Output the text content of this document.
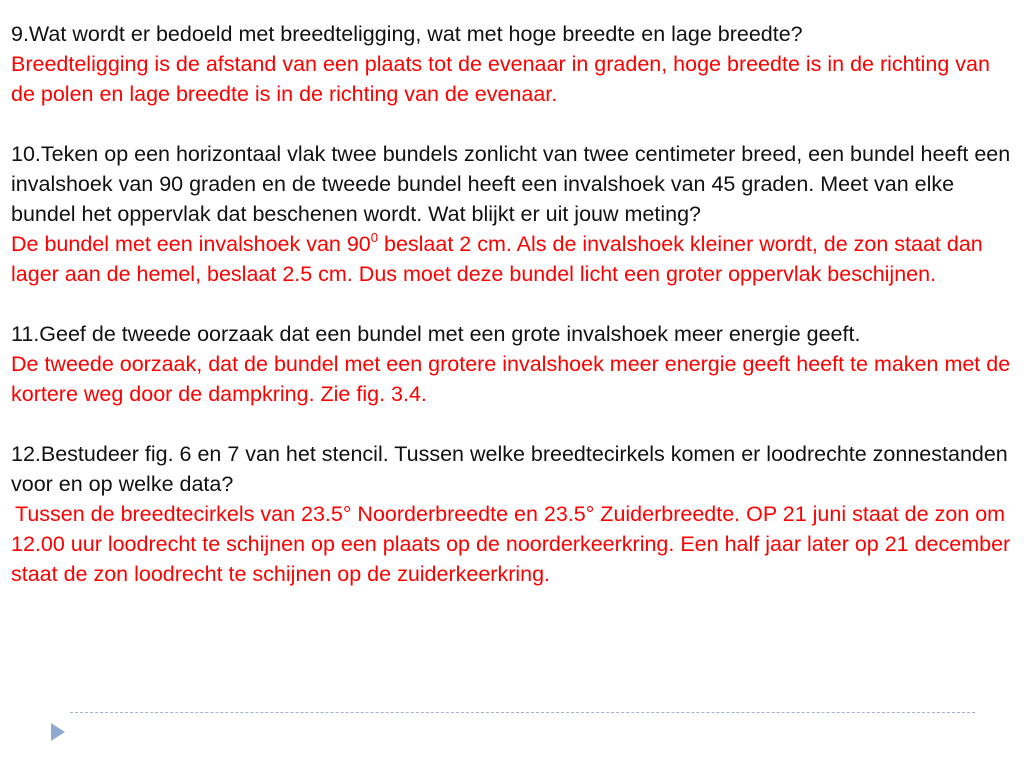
9.Wat wordt er bedoeld met breedteligging, wat met hoge breedte en lage breedte?

Breedteligging is de afstand van een plaats tot de evenaar in graden, hoge breedte is in de richting van de polen en lage breedte is in de richting van de evenaar.

10.Teken op een horizontaal vlak twee bundels zonlicht van twee centimeter breed, een bundel heeft een invalshoek van 90 graden en de tweede bundel heeft een invalshoek van 45 graden. Meet van elke bundel het oppervlak dat beschenen wordt. Wat blijkt er uit jouw meting?

De bundel met een invalshoek van $90^0$ beslaat 2 cm. Als de invalshoek kleiner wordt, de zon staat dan lager aan de hemel, beslaat 2.5 cm. Dus moet deze bundel licht een groter oppervlak beschijnen.

11.Geef de tweede oorzaak dat een bundel met een grote invalshoek meer energie geeft.

De tweede oorzaak, dat de bundel met een grotere invalshoek meer energie geeft heeft te maken met de kortere weg door de dampkring. Zie fig. 3.4.

12.Bestudeer fig. 6 en 7 van het stencil. Tussen welke breedtecirkels komen er loodrechte zonnestanden voor en op welke data?

Tussen de breedtecirkels van 23.5° Noorderbreedte en 23.5° Zuiderbreedte. OP 21 juni staat de zon om 12.00 uur loodrecht te schijnen op een plaats op de noorderkeerkring. Een half jaar later op 21 december staat de zon loodrecht te schijnen op de zuiderkeerkring.
